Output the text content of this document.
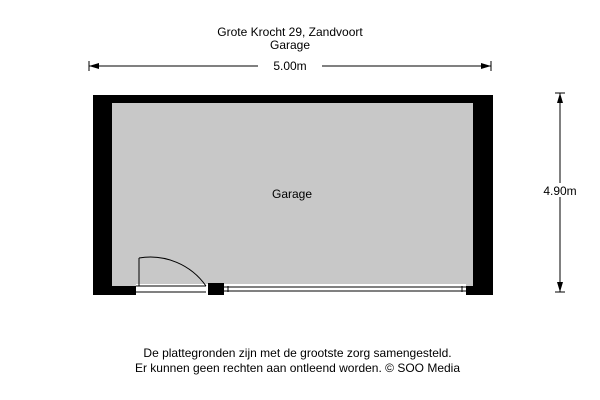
Grote Krocht 29, Zandvoort
Garage
5.00m
4.90m
Garage
De plattegronden zijn met de grootste zorg samengesteld.
Er kunnen geen rechten aan ontleend worden. © SOO Media
